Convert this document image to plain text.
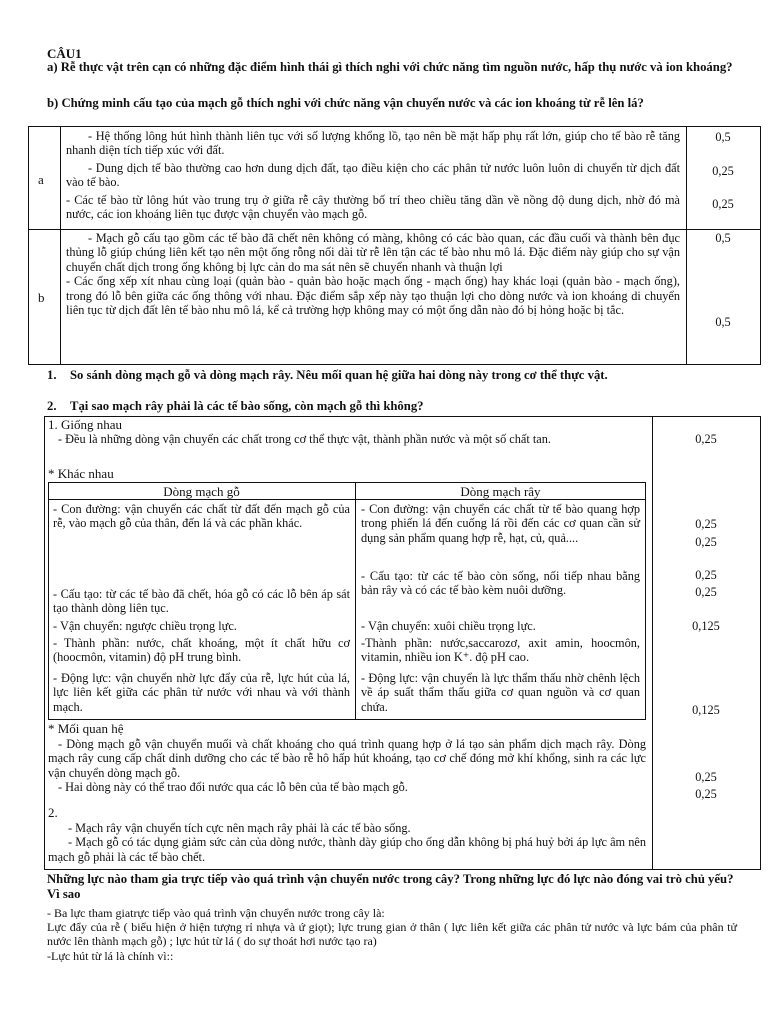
CÂU1
a) Rễ thực vật trên cạn có những đặc điểm hình thái gì thích nghi với chức năng tìm nguồn nước, hấp thụ nước và ion khoáng?
b) Chứng minh cấu tạo của mạch gỗ thích nghi với chức năng vận chuyển nước và các ion khoáng từ rễ lên lá?
a

- Hệ thống lông hút hình thành liên tục với số lượng khổng lồ, tạo nên bề mặt hấp phụ rất lớn, giúp cho tế bào rễ tăng nhanh diện tích tiếp xúc với đất.

- Dung dịch tế bào thường cao hơn dung dịch đất, tạo điều kiện cho các phân tử nước luôn luôn di chuyển từ dịch đất vào tế bào.

- Các tế bào từ lông hút vào trung trụ ở giữa rễ cây thường bố trí theo chiều tăng dần về nồng độ dung dịch, nhờ đó mà nước, các ion khoáng liên tục được vận chuyển vào mạch gỗ.

0,5
0,25
0,25
b

- Mạch gỗ cấu tạo gồm các tế bào đã chết nên không có màng, không có các bào quan, các đầu cuối và thành bên đục thủng lỗ giúp chúng liên kết tạo nên một ống rỗng nối dài từ rễ lên tận các tế bào nhu mô lá. Đặc điểm này giúp cho sự vận chuyển chất dịch trong ống không bị lực cản do ma sát nên sẽ chuyển nhanh và thuận lợi

- Các ống xếp xít nhau cùng loại (quản bào - quản bào hoặc mạch ống - mạch ống) hay khác loại (quản bào - mạch ống), trong đó lỗ bên giữa các ống thông với nhau. Đặc điểm sắp xếp này tạo thuận lợi cho dòng nước và ion khoáng di chuyển liên tục từ dịch đất lên tế bào nhu mô lá, kể cả trường hợp không may có một ống dẫn nào đó bị hỏng hoặc bị tắc.

0,5
0,5
1. So sánh dòng mạch gỗ và dòng mạch rây. Nêu mối quan hệ giữa hai dòng này trong cơ thể thực vật.
2. Tại sao mạch rây phải là các tế bào sống, còn mạch gỗ thì không?
1. Giống nhau

- Đều là những dòng vận chuyển các chất trong cơ thể thực vật, thành phần nước và một số chất tan.	0,25
* Khác nhau
Dòng mạch gỗ	Dòng mạch rây
- Con đường: vận chuyển các chất từ đất đến mạch gỗ của rễ, vào mạch gỗ của thân, đến lá và các phần khác.
- Cấu tạo: từ các tế bào đã chết, hóa gỗ có các lỗ bên áp sát tạo thành dòng liên tục.
- Vận chuyển: ngược chiều trọng lực.
- Thành phần: nước, chất khoáng, một ít chất hữu cơ (hoocmôn, vitamin) độ pH trung bình.
- Động lực: vận chuyển nhờ lực đẩy của rễ, lực hút của lá, lực liên kết giữa các phân tử nước với nhau và với thành mạch.
- Con đường: vận chuyển các chất từ tế bào quang hợp trong phiến lá đến cuống lá rồi đến các cơ quan cần sử dụng sản phẩm quang hợp rễ, hạt, củ, quả....
- Cấu tạo: từ các tế bào còn sống, nối tiếp nhau bằng bản rây và có các tế bào kèm nuôi dưỡng.
- Vận chuyển: xuôi chiều trọng lực.
-Thành phần: nước,saccarozơ, axit amin, hoocmôn, vitamin, nhiều ion K⁺. độ pH cao.
- Động lực: vận chuyển là lực thẩm thấu nhờ chênh lệch về áp suất thẩm thấu giữa cơ quan nguồn và cơ quan chứa.
0,25
0,25
0,25
0,25
0,125
0,125
* Mối quan hệ

- Dòng mạch gỗ vận chuyển muối và chất khoáng cho quá trình quang hợp ở lá tạo sản phẩm dịch mạch rây. Dòng mạch rây cung cấp chất dinh dưỡng cho các tế bào rễ hô hấp hút khoáng, tạo cơ chế đóng mở khí khổng, sinh ra các lực vận chuyển dòng mạch gỗ.

- Hai dòng này có thể trao đổi nước qua các lỗ bên của tế bào mạch gỗ.

0,25
0,25
2.

- Mạch rây vận chuyển tích cực nên mạch rây phải là các tế bào sống.

- Mạch gỗ có tác dụng giảm sức cản của dòng nước, thành dày giúp cho ống dẫn không bị phá huỷ bởi áp lực âm nên mạch gỗ phải là các tế bào chết.

Những lực nào tham gia trực tiếp vào quá trình vận chuyển nước trong cây? Trong những lực đó lực nào đóng vai trò chủ yếu? Vì sao

- Ba lực tham giatrực tiếp vào quá trình vận chuyển nước trong cây là:

Lực đẩy của rễ ( biểu hiện ở hiện tượng rỉ nhựa và ứ giọt); lực trung gian ở thân ( lực liên kết giữa các phân tử nước và lực bám của phân tử nước lên thành mạch gỗ) ; lực hút từ lá ( do sự thoát hơi nước tạo ra)

-Lực hút từ lá là chính vì::
